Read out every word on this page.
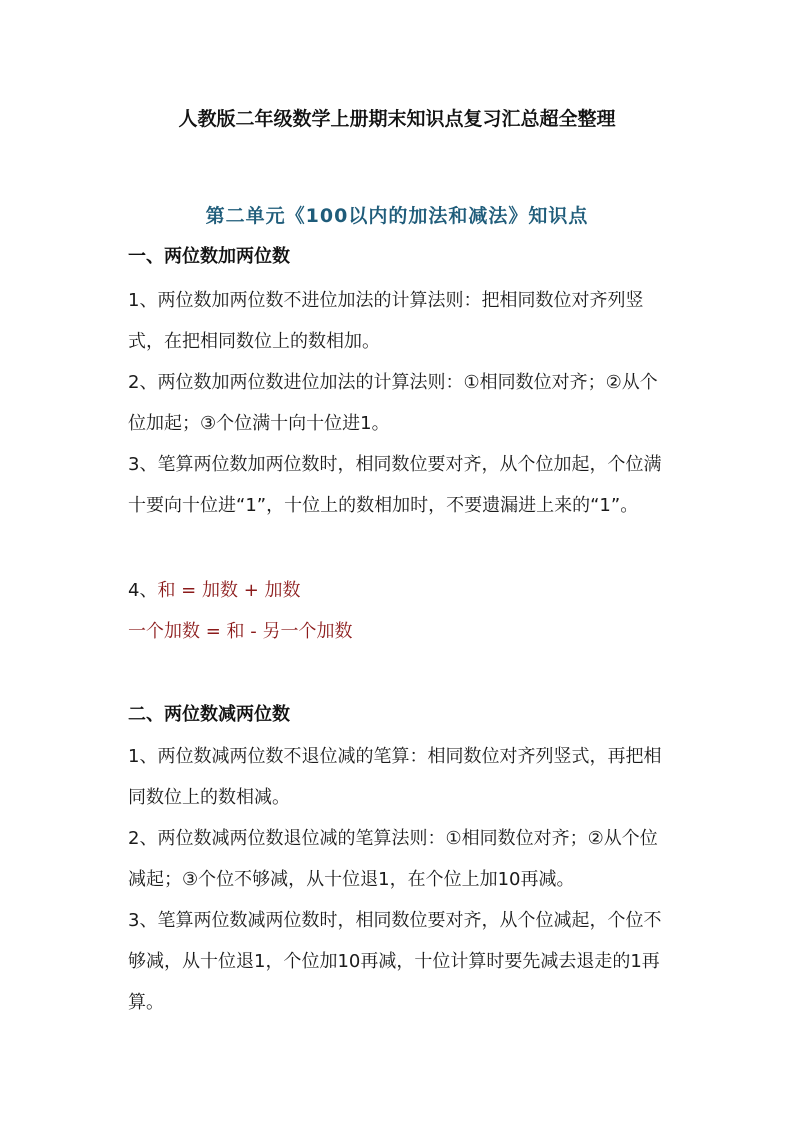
人教版二年级数学上册期末知识点复习汇总超全整理
第二单元《100以内的加法和减法》知识点
一、两位数加两位数
1、两位数加两位数不进位加法的计算法则：把相同数位对齐列竖式，在把相同数位上的数相加。
2、两位数加两位数进位加法的计算法则：①相同数位对齐；②从个位加起；③个位满十向十位进1。
3、笔算两位数加两位数时，相同数位要对齐，从个位加起，个位满十要向十位进“1”，十位上的数相加时，不要遗漏进上来的“1”。
4、和 = 加数 + 加数
一个加数 = 和 - 另一个加数
二、两位数减两位数
1、两位数减两位数不退位减的笔算：相同数位对齐列竖式，再把相同数位上的数相减。
2、两位数减两位数退位减的笔算法则：①相同数位对齐；②从个位减起；③个位不够减，从十位退1，在个位上加10再减。
3、笔算两位数减两位数时，相同数位要对齐，从个位减起，个位不够减，从十位退1，个位加10再减，十位计算时要先减去退走的1再算。
